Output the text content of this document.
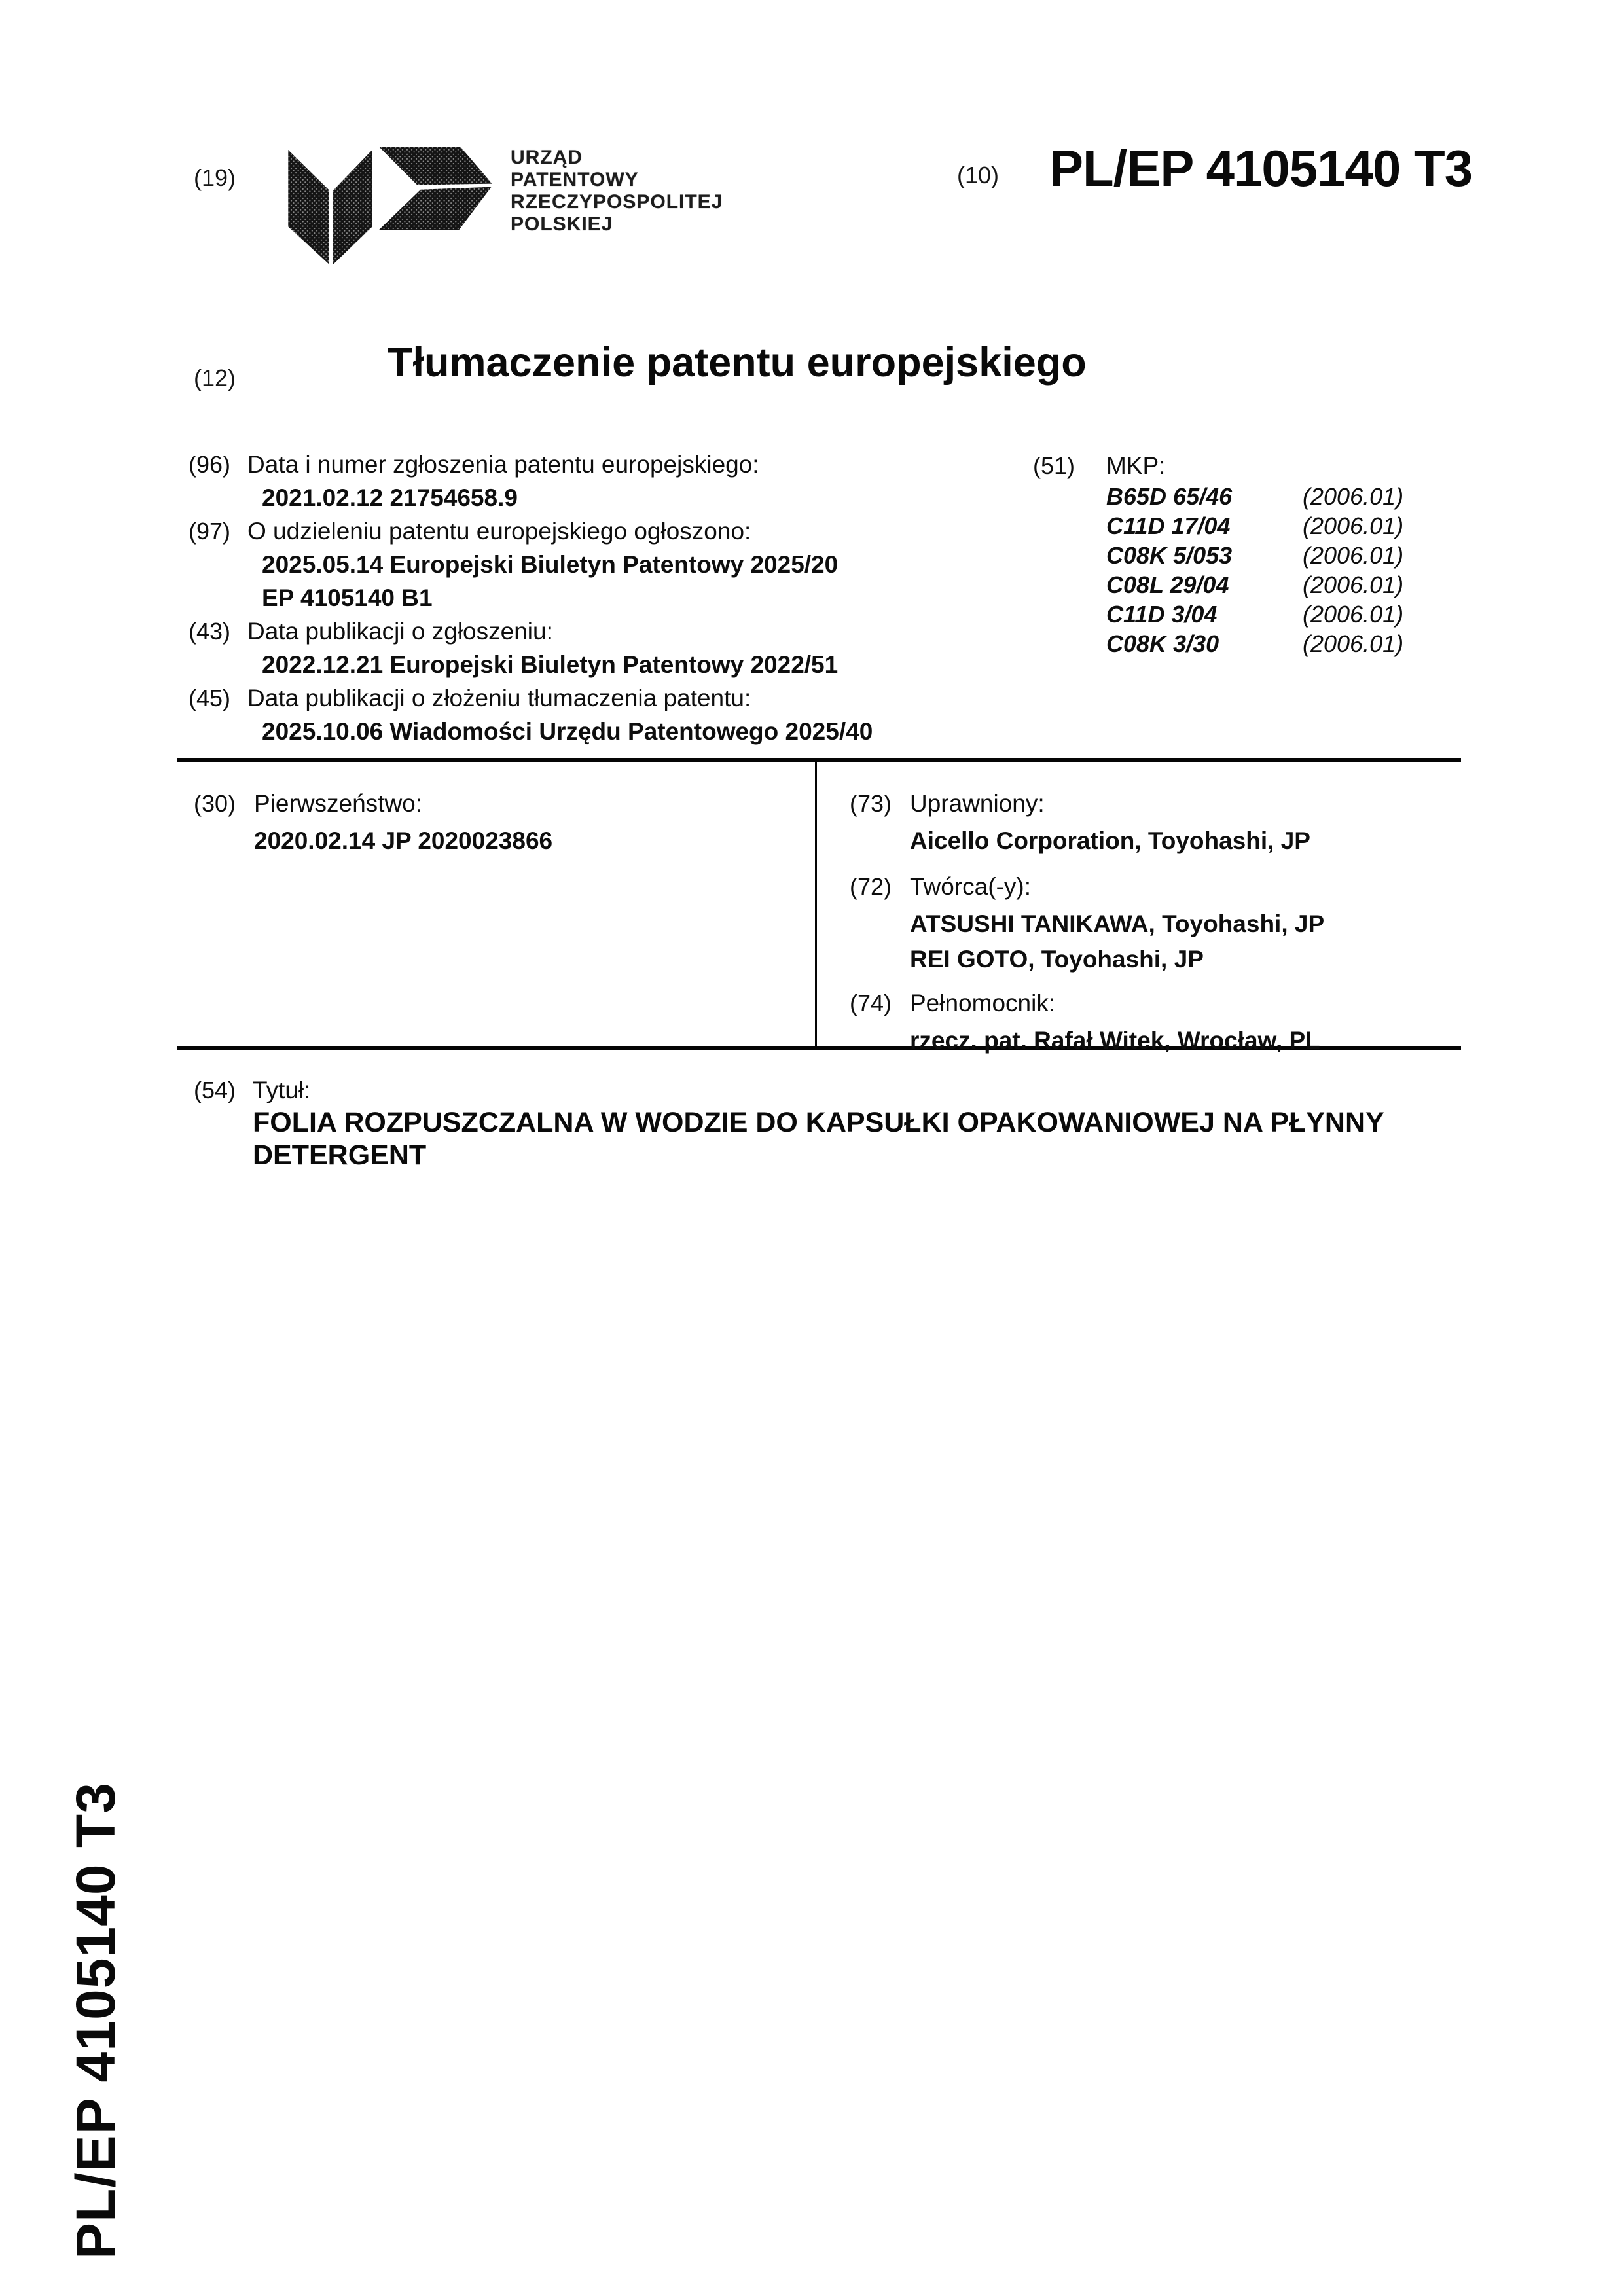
(19)
URZĄD
PATENTOWY
RZECZYPOSPOLITEJ
POLSKIEJ
(10) PL/EP 4105140 T3
(12)	Tłumaczenie patentu europejskiego
(96) Data i numer zgłoszenia patentu europejskiego:
2021.02.12 21754658.9
(97) O udzieleniu patentu europejskiego ogłoszono:
2025.05.14 Europejski Biuletyn Patentowy 2025/20
EP 4105140 B1
(43) Data publikacji o zgłoszeniu:
2022.12.21 Europejski Biuletyn Patentowy 2022/51
(45) Data publikacji o złożeniu tłumaczenia patentu:
2025.10.06 Wiadomości Urzędu Patentowego 2025/40
(51)	MKP:
B65D 65/46	(2006.01)
C11D 17/04	(2006.01)
C08K 5/053	(2006.01)
C08L 29/04	(2006.01)
C11D 3/04	(2006.01)
C08K 3/30	(2006.01)
(30) Pierwszeństwo:
2020.02.14 JP 2020023866
(73) Uprawniony:
Aicello Corporation, Toyohashi, JP
(72) Twórca(-y):
ATSUSHI TANIKAWA, Toyohashi, JP
REI GOTO, Toyohashi, JP
(74) Pełnomocnik:
rzecz. pat. Rafał Witek, Wrocław, PL
(54) Tytuł:
FOLIA ROZPUSZCZALNA W WODZIE DO KAPSUŁKI OPAKOWANIOWEJ NA PŁYNNY
DETERGENT
PL/EP 4105140 T3
